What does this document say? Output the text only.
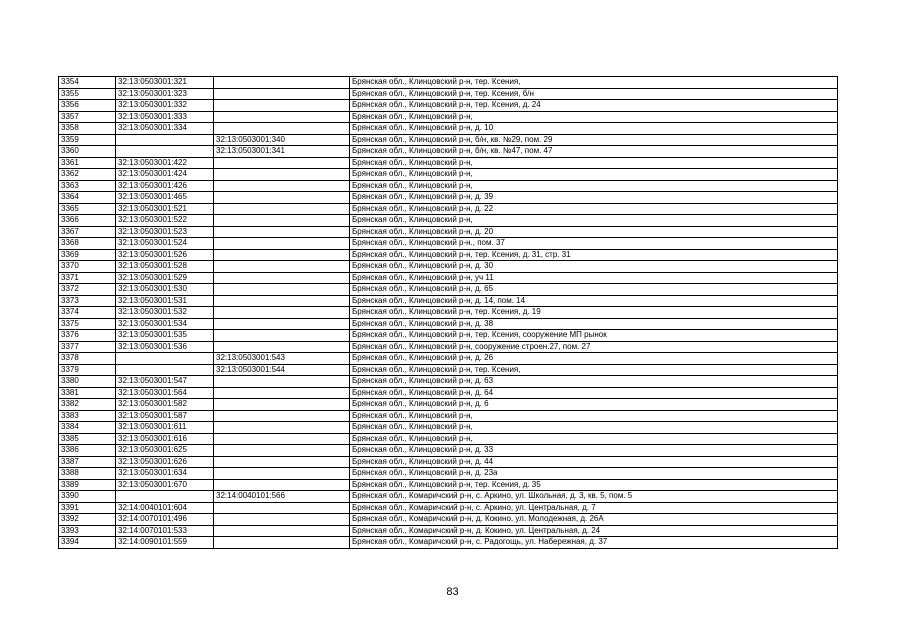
3354	32:13:0503001:321		Брянская обл., Клинцовский р-н, тер. Ксения,
3355	32:13:0503001:323		Брянская обл., Клинцовский р-н, тер. Ксения, б/н
3356	32:13:0503001:332		Брянская обл., Клинцовский р-н, тер. Ксения, д. 24
3357	32:13:0503001:333		Брянская обл., Клинцовский р-н,
3358	32:13:0503001:334		Брянская обл., Клинцовский р-н, д. 10
3359		32:13:0503001:340	Брянская обл., Клинцовский р-н, б/н, кв. №29, пом. 29
3360		32:13:0503001:341	Брянская обл., Клинцовский р-н, б/н, кв. №47, пом. 47
3361	32:13:0503001:422		Брянская обл., Клинцовский р-н,
3362	32:13:0503001:424		Брянская обл., Клинцовский р-н,
3363	32:13:0503001:426		Брянская обл., Клинцовский р-н,
3364	32:13:0503001:465		Брянская обл., Клинцовский р-н, д. 39
3365	32:13:0503001:521		Брянская обл., Клинцовский р-н, д. 22
3366	32:13:0503001:522		Брянская обл., Клинцовский р-н,
3367	32:13:0503001:523		Брянская обл., Клинцовский р-н, д. 20
3368	32:13:0503001:524		Брянская обл., Клинцовский р-н., пом. 37
3369	32:13:0503001:526		Брянская обл., Клинцовский р-н, тер. Ксения, д. 31, стр. 31
3370	32:13:0503001:528		Брянская обл., Клинцовский р-н, д. 30
3371	32:13:0503001:529		Брянская обл., Клинцовский р-н, уч 11
3372	32:13:0503001:530		Брянская обл., Клинцовский р-н, д. 65
3373	32:13:0503001:531		Брянская обл., Клинцовский р-н, д. 14, пом. 14
3374	32:13:0503001:532		Брянская обл., Клинцовский р-н, тер. Ксения, д. 19
3375	32:13:0503001:534		Брянская обл., Клинцовский р-н, д. 38
3376	32:13:0503001:535		Брянская обл., Клинцовский р-н, тер. Ксения, сооружение МП рынок
3377	32:13:0503001:536		Брянская обл., Клинцовский р-н, сооружение строен.27, пом. 27
3378		32:13:0503001:543	Брянская обл., Клинцовский р-н, д. 26
3379		32:13:0503001:544	Брянская обл., Клинцовский р-н, тер. Ксения,
3380	32:13:0503001:547		Брянская обл., Клинцовский р-н, д. 63
3381	32:13:0503001:564		Брянская обл., Клинцовский р-н, д. 64
3382	32:13:0503001:582		Брянская обл., Клинцовский р-н, д. 6
3383	32:13:0503001:587		Брянская обл., Клинцовский р-н,
3384	32:13:0503001:611		Брянская обл., Клинцовский р-н,
3385	32:13:0503001:616		Брянская обл., Клинцовский р-н,
3386	32:13:0503001:625		Брянская обл., Клинцовский р-н, д. 33
3387	32:13:0503001:626		Брянская обл., Клинцовский р-н, д. 44
3388	32:13:0503001:634		Брянская обл., Клинцовский р-н, д. 23а
3389	32:13:0503001:670		Брянская обл., Клинцовский р-н, тер. Ксения, д. 35
3390		32:14:0040101:566	Брянская обл., Комаричский р-н, с. Аркино, ул. Школьная, д. 3, кв. 5, пом. 5
3391	32:14:0040101:604		Брянская обл., Комаричский р-н, с. Аркино, ул. Центральная, д. 7
3392	32:14:0070101:496		Брянская обл., Комаричский р-н, д. Кокино, ул. Молодежная, д. 26А
3393	32:14:0070101:533		Брянская обл., Комаричский р-н, д. Кокино, ул. Центральная, д. 24
3394	32:14:0090101:559		Брянская обл., Комаричский р-н, с. Радогощь, ул. Набережная, д. 37
83
